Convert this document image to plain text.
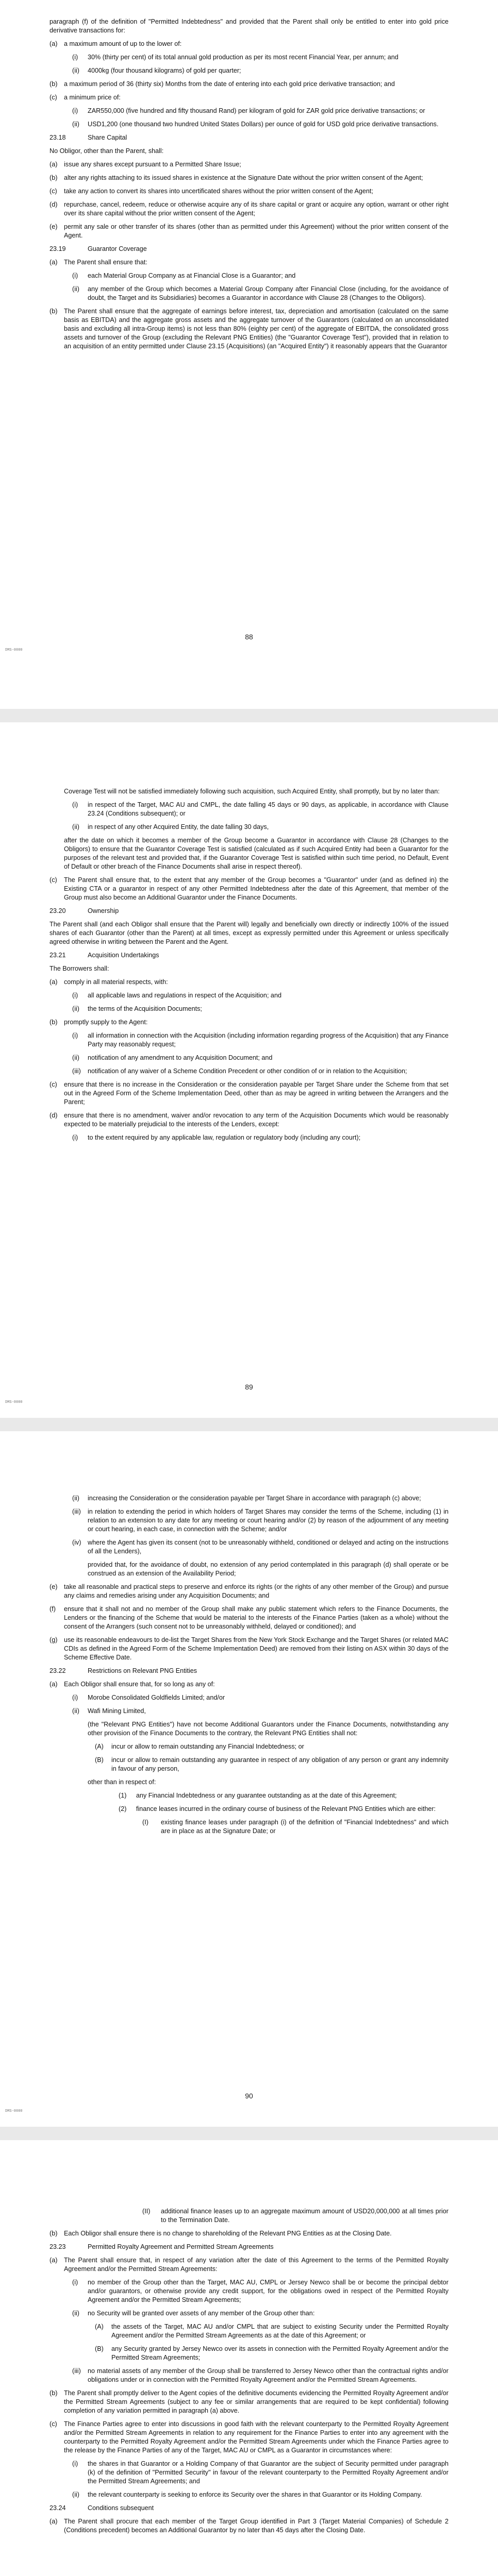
paragraph (f) of the definition of "Permitted Indebtedness" and provided that the Parent shall only be entitled to enter into gold price derivative transactions for:

(a) a maximum amount of up to the lower of:
(i) 30% (thirty per cent) of its total annual gold production as per its most recent Financial Year, per annum; and
(ii) 4000kg (four thousand kilograms) of gold per quarter;
(b) a maximum period of 36 (thirty six) Months from the date of entering into each gold price derivative transaction; and
(c) a minimum price of:
(i) ZAR550,000 (five hundred and fifty thousand Rand) per kilogram of gold for ZAR gold price derivative transactions; or
(ii) USD1,200 (one thousand two hundred United States Dollars) per ounce of gold for USD gold price derivative transactions.
23.18	Share Capital

No Obligor, other than the Parent, shall:

(a) issue any shares except pursuant to a Permitted Share Issue;
(b) alter any rights attaching to its issued shares in existence at the Signature Date without the prior written consent of the Agent;
(c) take any action to convert its shares into uncertificated shares without the prior written consent of the Agent;
(d) repurchase, cancel, redeem, reduce or otherwise acquire any of its share capital or grant or acquire any option, warrant or other right over its share capital without the prior written consent of the Agent;
(e) permit any sale or other transfer of its shares (other than as permitted under this Agreement) without the prior written consent of the Agent.
23.19	Guarantor Coverage
(a) The Parent shall ensure that:
(i) each Material Group Company as at Financial Close is a Guarantor; and
(ii) any member of the Group which becomes a Material Group Company after Financial Close (including, for the avoidance of doubt, the Target and its Subsidiaries) becomes a Guarantor in accordance with Clause 28 (Changes to the Obligors).
(b) The Parent shall ensure that the aggregate of earnings before interest, tax, depreciation and amortisation (calculated on the same basis as EBITDA) and the aggregate gross assets and the aggregate turnover of the Guarantors (calculated on an unconsolidated basis and excluding all intra-Group items) is not less than 80% (eighty per cent) of the aggregate of EBITDA, the consolidated gross assets and turnover of the Group (excluding the Relevant PNG Entities) (the "Guarantor Coverage Test"), provided that in relation to an acquisition of an entity permitted under Clause 23.15 (Acquisitions) (an "Acquired Entity") it reasonably appears that the Guarantor
DMS-0000
88

Coverage Test will not be satisfied immediately following such acquisition, such Acquired Entity, shall promptly, but by no later than:

(i) in respect of the Target, MAC AU and CMPL, the date falling 45 days or 90 days, as applicable, in accordance with Clause 23.24 (Conditions subsequent); or
(ii) in respect of any other Acquired Entity, the date falling 30 days,

after the date on which it becomes a member of the Group become a Guarantor in accordance with Clause 28 (Changes to the Obligors) to ensure that the Guarantor Coverage Test is satisfied (calculated as if such Acquired Entity had been a Guarantor for the purposes of the relevant test and provided that, if the Guarantor Coverage Test is satisfied within such time period, no Default, Event of Default or other breach of the Finance Documents shall arise in respect thereof).

(c) The Parent shall ensure that, to the extent that any member of the Group becomes a "Guarantor" under (and as defined in) the Existing CTA or a guarantor in respect of any other Permitted Indebtedness after the date of this Agreement, that member of the Group must also become an Additional Guarantor under the Finance Documents.
23.20	Ownership

The Parent shall (and each Obligor shall ensure that the Parent will) legally and beneficially own directly or indirectly 100% of the issued shares of each Guarantor (other than the Parent) at all times, except as expressly permitted under this Agreement or unless specifically agreed otherwise in writing between the Parent and the Agent.

23.21	Acquisition Undertakings

The Borrowers shall:

(a) comply in all material respects, with:
(i) all applicable laws and regulations in respect of the Acquisition; and
(ii) the terms of the Acquisition Documents;
(b) promptly supply to the Agent:
(i) all information in connection with the Acquisition (including information regarding progress of the Acquisition) that any Finance Party may reasonably request;
(ii) notification of any amendment to any Acquisition Document; and
(iii) notification of any waiver of a Scheme Condition Precedent or other condition of or in relation to the Acquisition;
(c) ensure that there is no increase in the Consideration or the consideration payable per Target Share under the Scheme from that set out in the Agreed Form of the Scheme Implementation Deed, other than as may be agreed in writing between the Arrangers and the Parent;
(d) ensure that there is no amendment, waiver and/or revocation to any term of the Acquisition Documents which would be reasonably expected to be materially prejudicial to the interests of the Lenders, except:
(i) to the extent required by any applicable law, regulation or regulatory body (including any court);
DMS-0000
89
(ii) increasing the Consideration or the consideration payable per Target Share in accordance with paragraph (c) above;
(iii) in relation to extending the period in which holders of Target Shares may consider the terms of the Scheme, including (1) in relation to an extension to any date for any meeting or court hearing and/or (2) by reason of the adjournment of any meeting or court hearing, in each case, in connection with the Scheme; and/or
(iv) where the Agent has given its consent (not to be unreasonably withheld, conditioned or delayed and acting on the instructions of all the Lenders),

provided that, for the avoidance of doubt, no extension of any period contemplated in this paragraph (d) shall operate or be construed as an extension of the Availability Period;

(e) take all reasonable and practical steps to preserve and enforce its rights (or the rights of any other member of the Group) and pursue any claims and remedies arising under any Acquisition Documents; and
(f) ensure that it shall not and no member of the Group shall make any public statement which refers to the Finance Documents, the Lenders or the financing of the Scheme that would be material to the interests of the Finance Parties (taken as a whole) without the consent of the Arrangers (such consent not to be unreasonably withheld, delayed or conditioned); and
(g) use its reasonable endeavours to de-list the Target Shares from the New York Stock Exchange and the Target Shares (or related MAC CDIs as defined in the Agreed Form of the Scheme Implementation Deed) are removed from their listing on ASX within 30 days of the Scheme Effective Date.
23.22	Restrictions on Relevant PNG Entities
(a) Each Obligor shall ensure that, for so long as any of:
(i) Morobe Consolidated Goldfields Limited; and/or
(ii) Wafi Mining Limited,

(the "Relevant PNG Entities") have not become Additional Guarantors under the Finance Documents, notwithstanding any other provision of the Finance Documents to the contrary, the Relevant PNG Entities shall not:

(A) incur or allow to remain outstanding any Financial Indebtedness; or
(B) incur or allow to remain outstanding any guarantee in respect of any obligation of any person or grant any indemnity in favour of any person,

other than in respect of:

(1) any Financial Indebtedness or any guarantee outstanding as at the date of this Agreement;
(2) finance leases incurred in the ordinary course of business of the Relevant PNG Entities which are either:
(I) existing finance leases under paragraph (i) of the definition of "Financial Indebtedness" and which are in place as at the Signature Date; or
DMS-0000
90
(II) additional finance leases up to an aggregate maximum amount of USD20,000,000 at all times prior to the Termination Date.
(b) Each Obligor shall ensure there is no change to shareholding of the Relevant PNG Entities as at the Closing Date.
23.23	Permitted Royalty Agreement and Permitted Stream Agreements
(a) The Parent shall ensure that, in respect of any variation after the date of this Agreement to the terms of the Permitted Royalty Agreement and/or the Permitted Stream Agreements:
(i) no member of the Group other than the Target, MAC AU, CMPL or Jersey Newco shall be or become the principal debtor and/or guarantors, or otherwise provide any credit support, for the obligations owed in respect of the Permitted Royalty Agreement and/or the Permitted Stream Agreements;
(ii) no Security will be granted over assets of any member of the Group other than:
(A) the assets of the Target, MAC AU and/or CMPL that are subject to existing Security under the Permitted Royalty Agreement and/or the Permitted Stream Agreements as at the date of this Agreement; or
(B) any Security granted by Jersey Newco over its assets in connection with the Permitted Royalty Agreement and/or the Permitted Stream Agreements;
(iii) no material assets of any member of the Group shall be transferred to Jersey Newco other than the contractual rights and/or obligations under or in connection with the Permitted Royalty Agreement and/or the Permitted Stream Agreements.
(b) The Parent shall promptly deliver to the Agent copies of the definitive documents evidencing the Permitted Royalty Agreement and/or the Permitted Stream Agreements (subject to any fee or similar arrangements that are required to be kept confidential) following completion of any variation permitted in paragraph (a) above.
(c) The Finance Parties agree to enter into discussions in good faith with the relevant counterparty to the Permitted Royalty Agreement and/or the Permitted Stream Agreements in relation to any requirement for the Finance Parties to enter into any agreement with the counterparty to the Permitted Royalty Agreement and/or the Permitted Stream Agreements under which the Finance Parties agree to the release by the Finance Parties of any of the Target, MAC AU or CMPL as a Guarantor in circumstances where:
(i) the shares in that Guarantor or a Holding Company of that Guarantor are the subject of Security permitted under paragraph (k) of the definition of "Permitted Security" in favour of the relevant counterparty to the Permitted Royalty Agreement and/or the Permitted Stream Agreements; and
(ii) the relevant counterparty is seeking to enforce its Security over the shares in that Guarantor or its Holding Company.
23.24	Conditions subsequent
(a) The Parent shall procure that each member of the Target Group identified in Part 3 (Target Material Companies) of Schedule 2 (Conditions precedent) becomes an Additional Guarantor by no later than 45 days after the Closing Date.
